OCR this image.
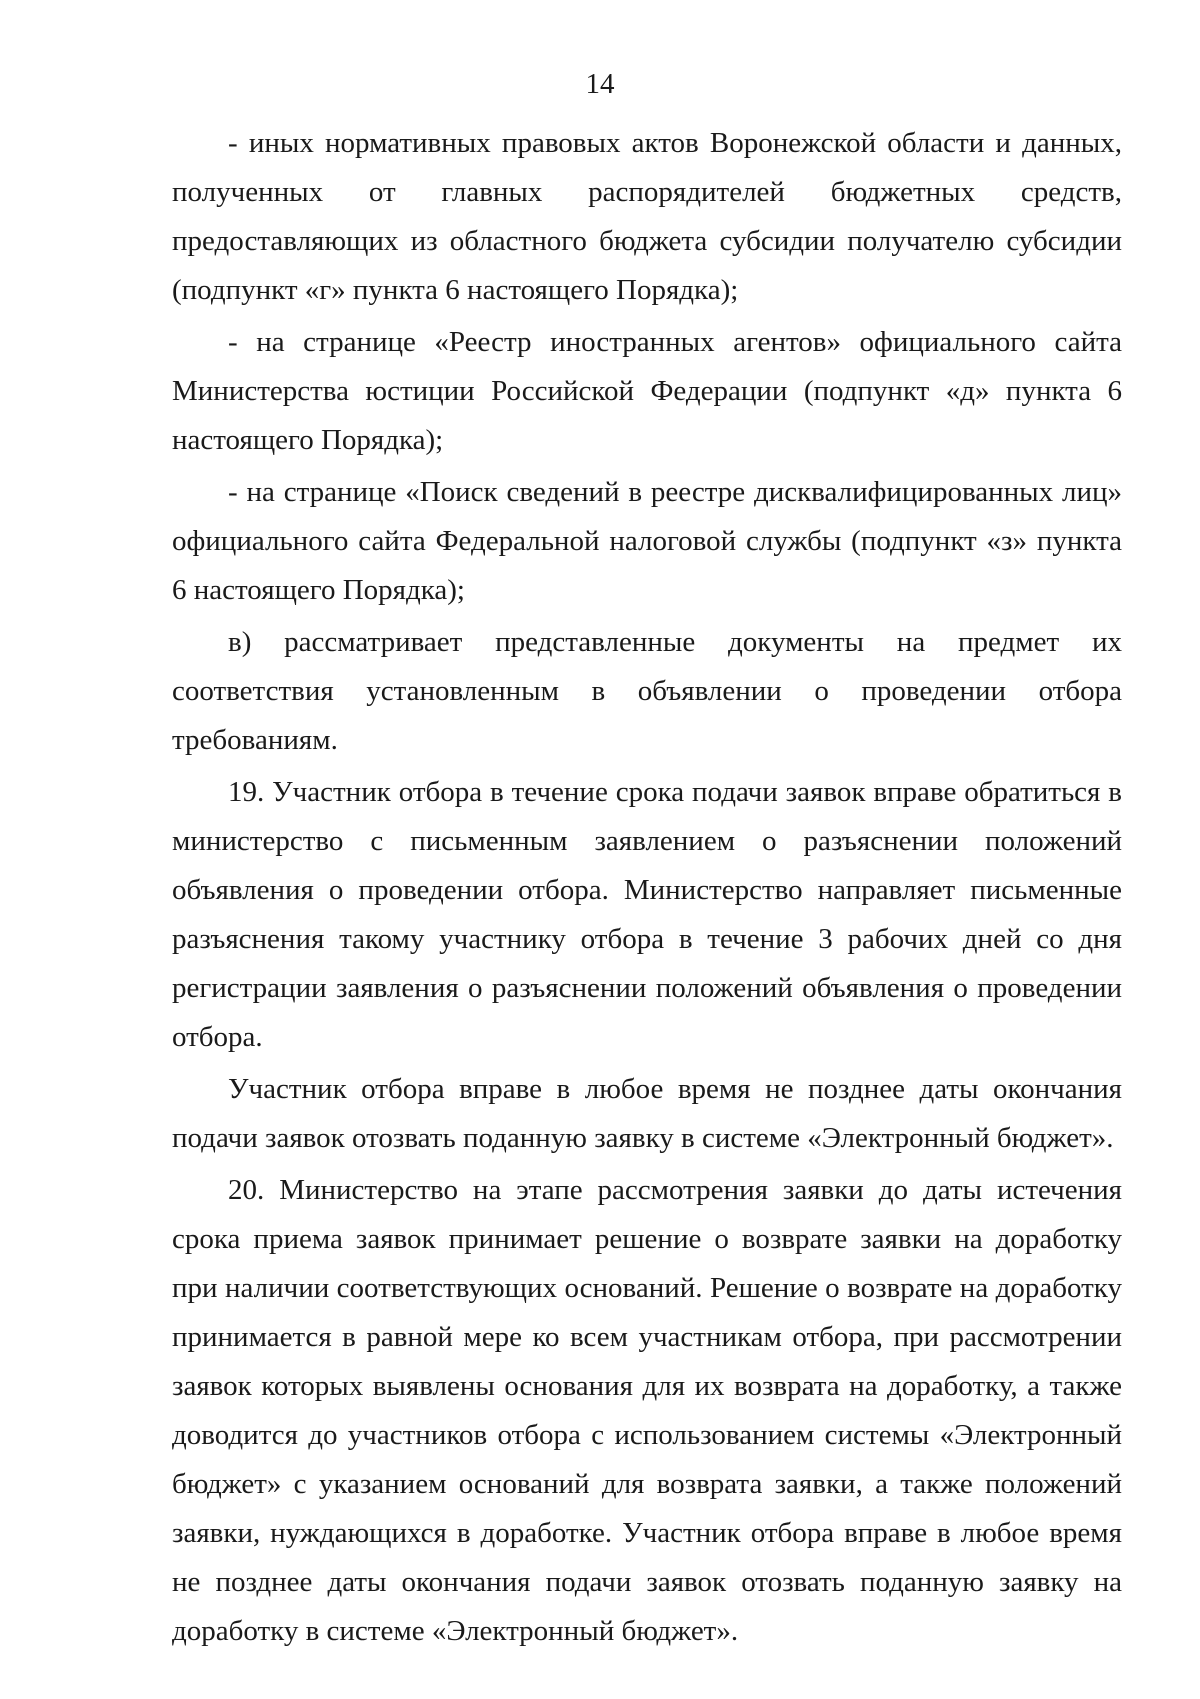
14

- иных нормативных правовых актов Воронежской области и данных, полученных от главных распорядителей бюджетных средств, предоставляющих из областного бюджета субсидии получателю субсидии (подпункт «г» пункта 6 настоящего Порядка);

- на странице «Реестр иностранных агентов» официального сайта Министерства юстиции Российской Федерации (подпункт «д» пункта 6 настоящего Порядка);

- на странице «Поиск сведений в реестре дисквалифицированных лиц» официального сайта Федеральной налоговой службы (подпункт «з» пункта 6 настоящего Порядка);

в) рассматривает представленные документы на предмет их соответствия установленным в объявлении о проведении отбора требованиям.

19. Участник отбора в течение срока подачи заявок вправе обратиться в министерство с письменным заявлением о разъяснении положений объявления о проведении отбора. Министерство направляет письменные разъяснения такому участнику отбора в течение 3 рабочих дней со дня регистрации заявления о разъяснении положений объявления о проведении отбора.

Участник отбора вправе в любое время не позднее даты окончания подачи заявок отозвать поданную заявку в системе «Электронный бюджет».

20. Министерство на этапе рассмотрения заявки до даты истечения срока приема заявок принимает решение о возврате заявки на доработку при наличии соответствующих оснований. Решение о возврате на доработку принимается в равной мере ко всем участникам отбора, при рассмотрении заявок которых выявлены основания для их возврата на доработку, а также доводится до участников отбора с использованием системы «Электронный бюджет» с указанием оснований для возврата заявки, а также положений заявки, нуждающихся в доработке. Участник отбора вправе в любое время не позднее даты окончания подачи заявок отозвать поданную заявку на доработку в системе «Электронный бюджет».
